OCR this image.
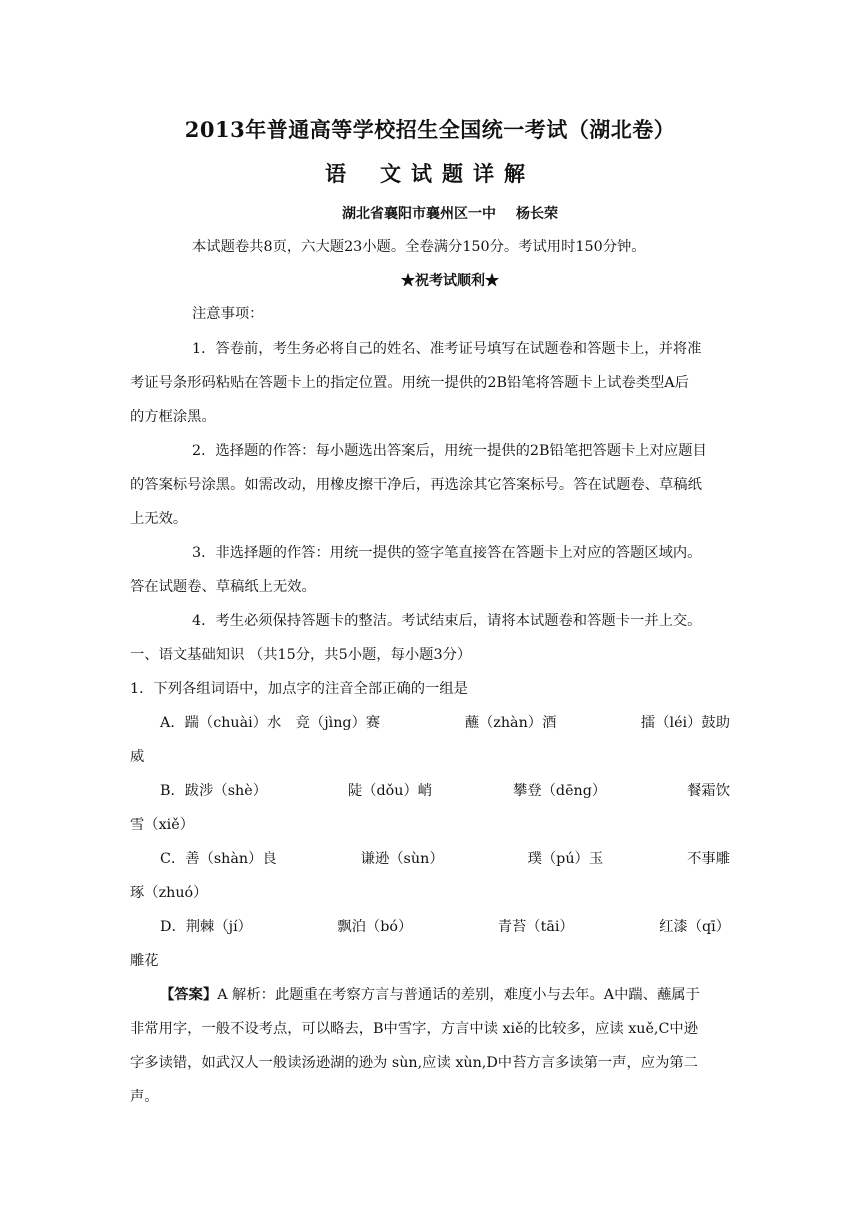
2013年普通高等学校招生全国统一考试（湖北卷）
语 文试题详解
湖北省襄阳市襄州区一中 杨长荣
本试题卷共8页，六大题23小题。全卷满分150分。考试用时150分钟。
★祝考试顺利★
注意事项：
1．答卷前，考生务必将自己的姓名、准考证号填写在试题卷和答题卡上，并将准
考证号条形码粘贴在答题卡上的指定位置。用统一提供的2B铅笔将答题卡上试卷类型A后
的方框涂黑。
2．选择题的作答：每小题选出答案后，用统一提供的2B铅笔把答题卡上对应题目
的答案标号涂黑。如需改动，用橡皮擦干净后，再选涂其它答案标号。答在试题卷、草稿纸
上无效。
3．非选择题的作答：用统一提供的签字笔直接答在答题卡上对应的答题区域内。
答在试题卷、草稿纸上无效。
4．考生必须保持答题卡的整洁。考试结束后，请将本试题卷和答题卡一并上交。
一、语文基础知识 （共15分，共5小题，每小题3分）
1．下列各组词语中，加点字的注音全部正确的一组是
A．踹（chuài）水　竞（jìng）赛	蘸（zhàn）酒	擂（léi）鼓助
威
B．跋涉（shè）	陡（dǒu）峭	攀登（dēng）	餐霜饮
雪（xiě）
C．善（shàn）良	谦逊（sùn）	璞（pú）玉	不事雕
琢（zhuó）
D．荆棘（jí）	飘泊（bó）	青苔（tāi）	红漆（qī）
雕花
【答案】A 解析：此题重在考察方言与普通话的差别，难度小与去年。A中踹、蘸属于
非常用字，一般不设考点，可以略去，B中雪字，方言中读 xiě的比较多，应读 xuě,C中逊
字多读错，如武汉人一般读汤逊湖的逊为 sùn,应读 xùn,D中苔方言多读第一声，应为第二
声。
